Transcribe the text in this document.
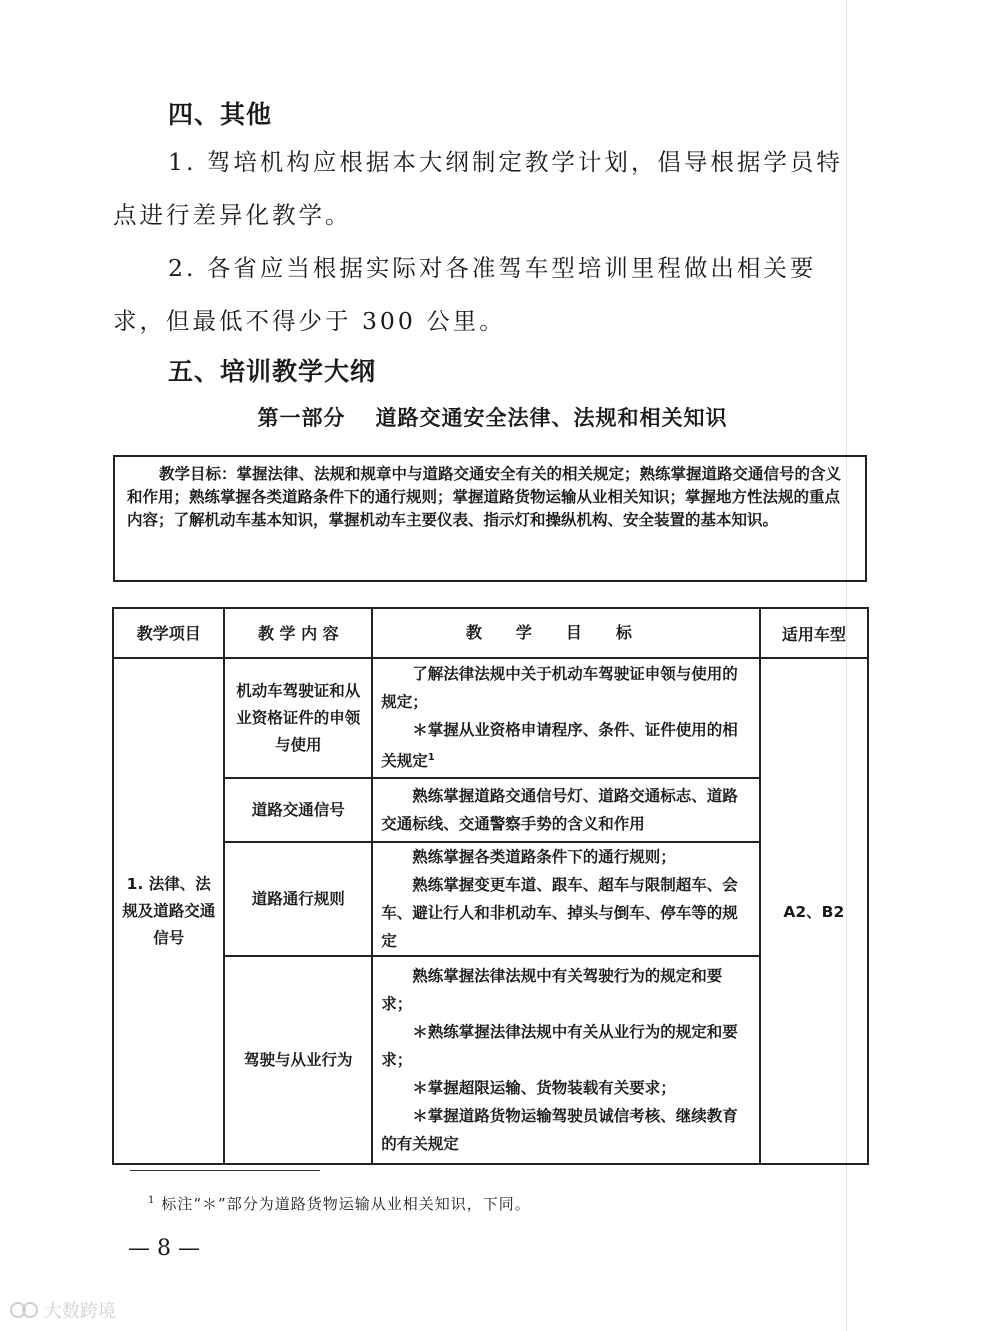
四、其他
1. 驾培机构应根据本大纲制定教学计划，倡导根据学员特点进行差异化教学。
2. 各省应当根据实际对各准驾车型培训里程做出相关要求，但最低不得少于 300 公里。
五、培训教学大纲
第一部分 道路交通安全法律、法规和相关知识
教学目标：掌握法律、法规和规章中与道路交通安全有关的相关规定；熟练掌握道路交通信号的含义和作用；熟练掌握各类道路条件下的通行规则；掌握道路货物运输从业相关知识；掌握地方性法规的重点内容；了解机动车基本知识，掌握机动车主要仪表、指示灯和操纵机构、安全装置的基本知识。
教学项目	教 学 内 容	教学目标	适用车型
1. 法律、法规及道路交通信号	机动车驾驶证和从业资格证件的申领与使用	了解法律法规中关于机动车驾驶证申领与使用的规定；

＊掌握从业资格申请程序、条件、证件使用的相关规定$^1$	A2、B2
	道路交通信号	熟练掌握道路交通信号灯、道路交通标志、道路交通标线、交通警察手势的含义和作用	

	道路通行规则	熟练掌握各类道路条件下的通行规则；

熟练掌握变更车道、跟车、超车与限制超车、会车、避让行人和非机动车、掉头与倒车、停车等的规定	

	驾驶与从业行为	熟练掌握法律法规中有关驾驶行为的规定和要求；

＊熟练掌握法律法规中有关从业行为的规定和要求；

＊掌握超限运输、货物装载有关要求；

＊掌握道路货物运输驾驶员诚信考核、继续教育的有关规定	

$^1$ 标注“＊”部分为道路货物运输从业相关知识，下同。
— 8 —
大数跨境
